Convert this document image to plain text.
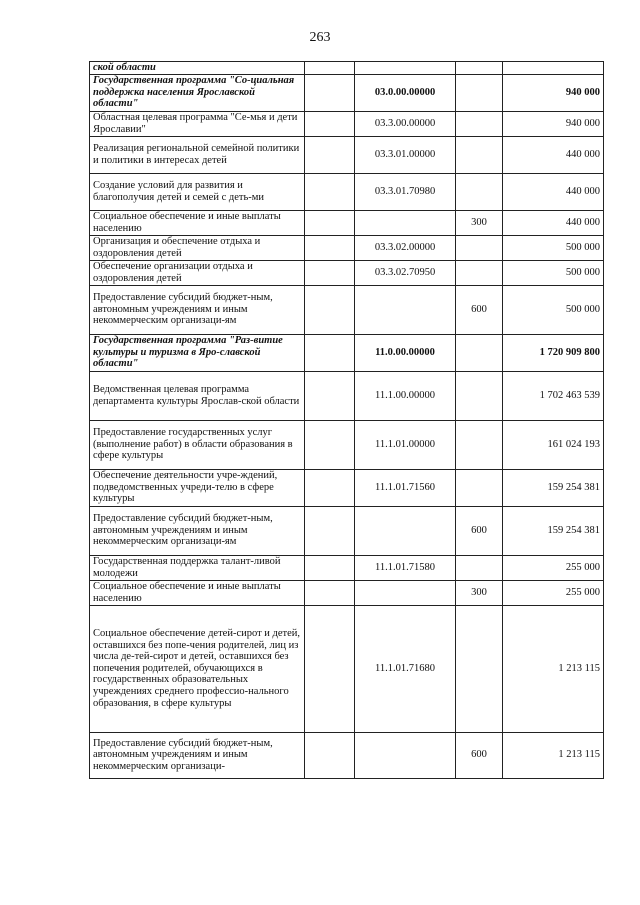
263
ской области				
Государственная программа "Со-циальная поддержка населения Ярославской области"		03.0.00.00000		940 000
Областная целевая программа "Се-мья и дети Ярославии"		03.3.00.00000		940 000
Реализация региональной семейной политики и политики в интересах детей		03.3.01.00000		440 000
Создание условий для развития и благополучия детей и семей с деть-ми		03.3.01.70980		440 000
Социальное обеспечение и иные выплаты населению			300	440 000
Организация и обеспечение отдыха и оздоровления детей		03.3.02.00000		500 000
Обеспечение организации отдыха и оздоровления детей		03.3.02.70950		500 000
Предоставление субсидий бюджет-ным, автономным учреждениям и иным некоммерческим организаци-ям			600	500 000
Государственная программа "Раз-витие культуры и туризма в Яро-славской области"		11.0.00.00000		1 720 909 800
Ведомственная целевая программа департамента культуры Ярослав-ской области		11.1.00.00000		1 702 463 539
Предоставление государственных услуг (выполнение работ) в области образования в сфере культуры		11.1.01.00000		161 024 193
Обеспечение деятельности учре-ждений, подведомственных учреди-телю в сфере культуры		11.1.01.71560		159 254 381
Предоставление субсидий бюджет-ным, автономным учреждениям и иным некоммерческим организаци-ям			600	159 254 381
Государственная поддержка талант-ливой молодежи		11.1.01.71580		255 000
Социальное обеспечение и иные выплаты населению			300	255 000
Социальное обеспечение детей-сирот и детей, оставшихся без попе-чения родителей, лиц из числа де-тей-сирот и детей, оставшихся без попечения родителей, обучающихся в государственных образовательных учреждениях среднего профессио-нального образования, в сфере культуры		11.1.01.71680		1 213 115
Предоставление субсидий бюджет-ным, автономным учреждениям и иным некоммерческим организаци-			600	1 213 115
